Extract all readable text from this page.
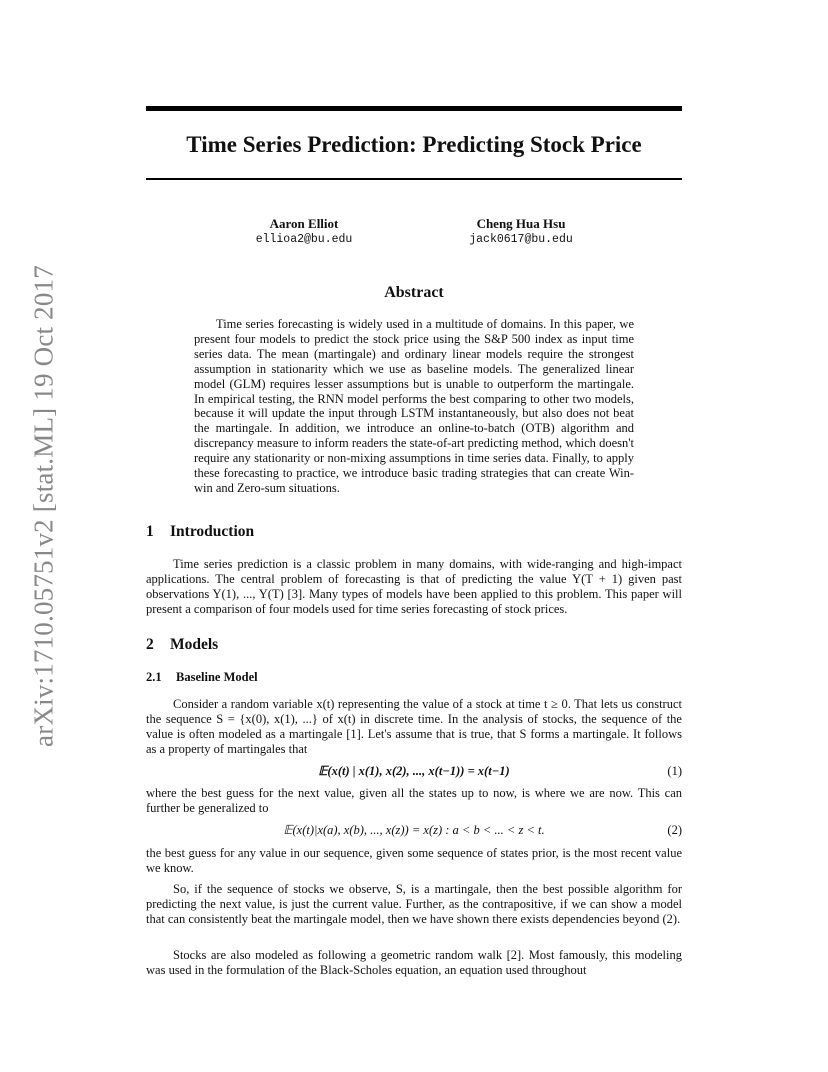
arXiv:1710.05751v2 [stat.ML] 19 Oct 2017
Time Series Prediction: Predicting Stock Price
Aaron Elliot
ellioa2@bu.edu
Cheng Hua Hsu
jack0617@bu.edu
Abstract

Time series forecasting is widely used in a multitude of domains. In this paper, we present four models to predict the stock price using the S&P 500 index as input time series data. The mean (martingale) and ordinary linear models require the strongest assumption in stationarity which we use as baseline models. The generalized linear model (GLM) requires lesser assumptions but is unable to outperform the martingale. In empirical testing, the RNN model performs the best comparing to other two models, because it will update the input through LSTM instantaneously, but also does not beat the martingale. In addition, we introduce an online-to-batch (OTB) algorithm and discrepancy measure to inform readers the state-of-art predicting method, which doesn't require any stationarity or non-mixing assumptions in time series data. Finally, to apply these forecasting to practice, we introduce basic trading strategies that can create Win-win and Zero-sum situations.

1 Introduction

Time series prediction is a classic problem in many domains, with wide-ranging and high-impact applications. The central problem of forecasting is that of predicting the value Y(T + 1) given past observations Y(1), ..., Y(T) [3]. Many types of models have been applied to this problem. This paper will present a comparison of four models used for time series forecasting of stock prices.

2 Models
2.1 Baseline Model

Consider a random variable x(t) representing the value of a stock at time t ≥ 0. That lets us construct the sequence S = {x(0), x(1), ...} of x(t) in discrete time. In the analysis of stocks, the sequence of the value is often modeled as a martingale [1]. Let's assume that is true, that S forms a martingale. It follows as a property of martingales that

𝔼(x(t) | x(1), x(2), ..., x(t−1)) = x(t−1)	(1)

where the best guess for the next value, given all the states up to now, is where we are now. This can further be generalized to

𝔼(x(t)|x(a), x(b), ..., x(z)) = x(z) : a < b < ... < z < t.	(2)

the best guess for any value in our sequence, given some sequence of states prior, is the most recent value we know.

So, if the sequence of stocks we observe, S, is a martingale, then the best possible algorithm for predicting the next value, is just the current value. Further, as the contrapositive, if we can show a model that can consistently beat the martingale model, then we have shown there exists dependencies beyond (2).

Stocks are also modeled as following a geometric random walk [2]. Most famously, this modeling was used in the formulation of the Black-Scholes equation, an equation used throughout
